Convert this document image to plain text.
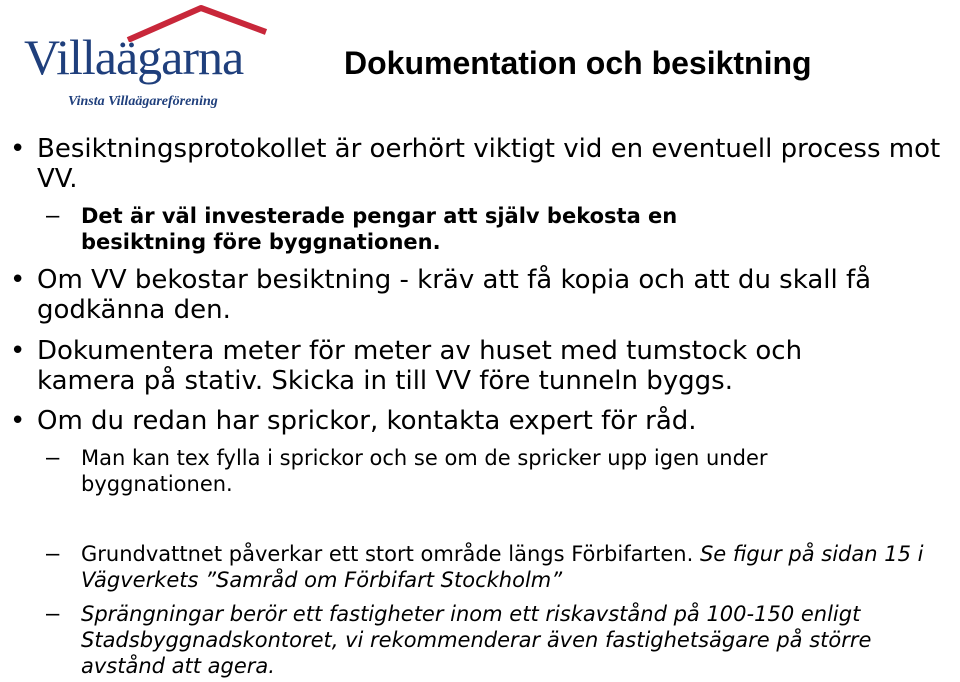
Villaägarna
Vinsta Villaägareförening
Dokumentation och besiktning
• Besiktningsprotokollet är oerhört viktigt vid en eventuell process mot VV.
– Det är väl investerade pengar att själv bekosta en besiktning före byggnationen.
• Om VV bekostar besiktning - kräv att få kopia och att du skall få godkänna den.
• Dokumentera meter för meter av huset med tumstock och kamera på stativ. Skicka in till VV före tunneln byggs.
• Om du redan har sprickor, kontakta expert för råd.
– Man kan tex fylla i sprickor och se om de spricker upp igen under byggnationen.
– Grundvattnet påverkar ett stort område längs Förbifarten. Se figur på sidan 15 i Vägverkets ”Samråd om Förbifart Stockholm”
– Sprängningar berör ett fastigheter inom ett riskavstånd på 100-150 enligt Stadsbyggnadskontoret, vi rekommenderar även fastighetsägare på större avstånd att agera.
